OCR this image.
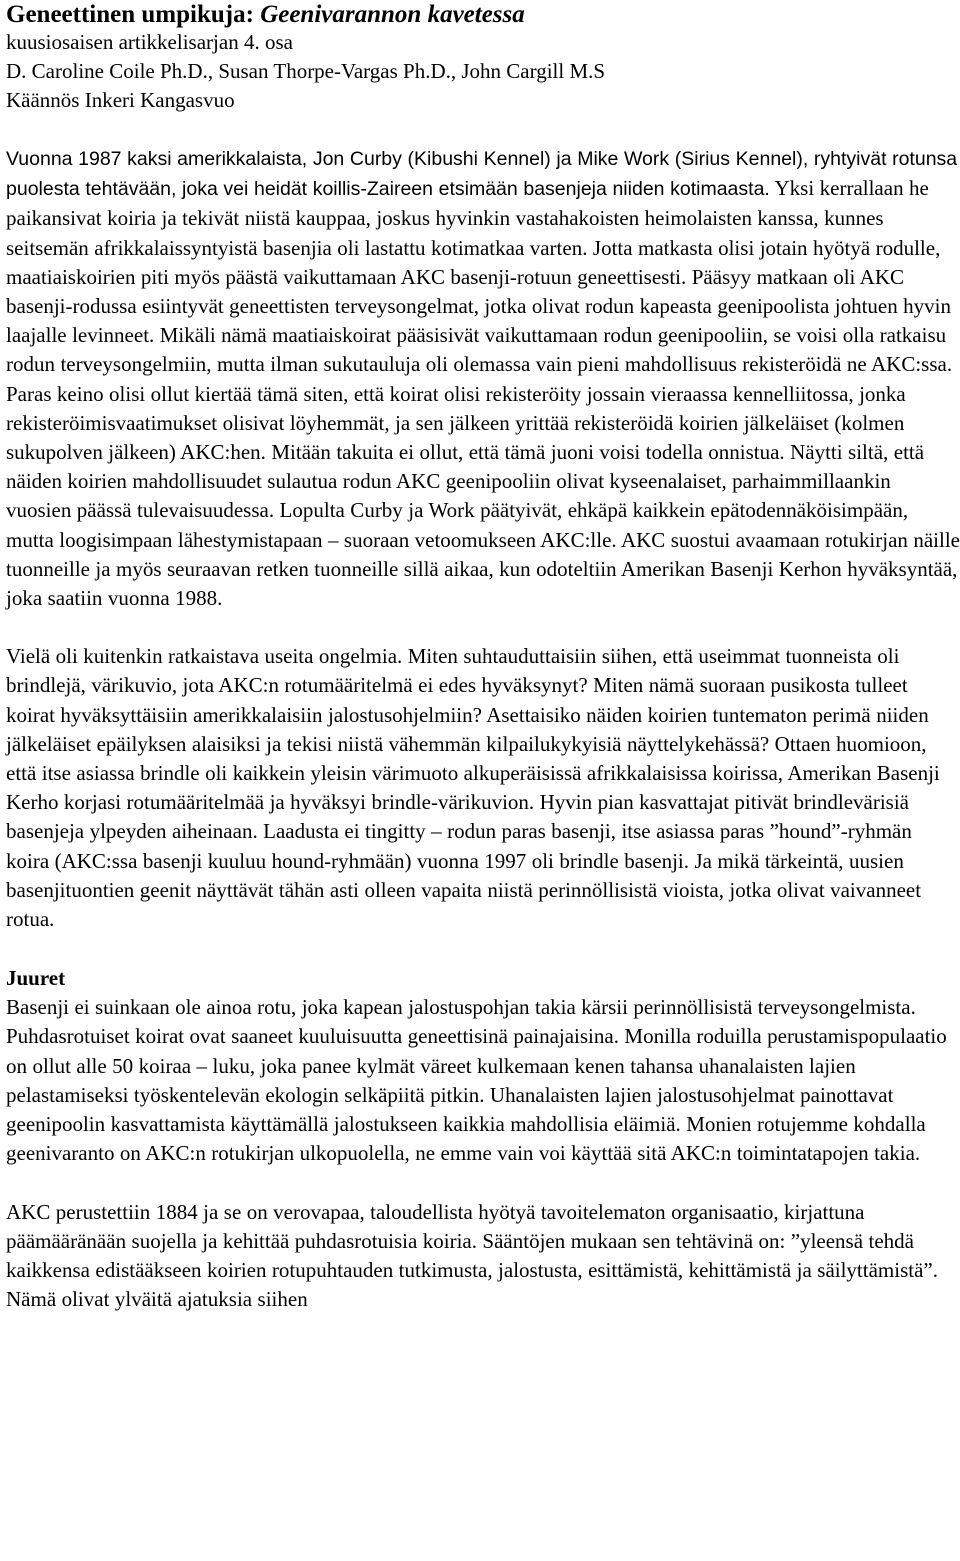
Geneettinen umpikuja: Geenivarannon kavetessa

kuusiosaisen artikkelisarjan 4. osa

D. Caroline Coile Ph.D., Susan Thorpe-Vargas Ph.D., John Cargill M.S

Käännös Inkeri Kangasvuo

Vuonna 1987 kaksi amerikkalaista, Jon Curby (Kibushi Kennel) ja Mike Work (Sirius Kennel), ryhtyivät rotunsa puolesta tehtävään, joka vei heidät koillis-Zaireen etsimään basenjeja niiden kotimaasta. Yksi kerrallaan he paikansivat koiria ja tekivät niistä kauppaa, joskus hyvinkin vastahakoisten heimolaisten kanssa, kunnes seitsemän afrikkalaissyntyistä basenjia oli lastattu kotimatkaa varten. Jotta matkasta olisi jotain hyötyä rodulle, maatiaiskoirien piti myös päästä vaikuttamaan AKC basenji-rotuun geneettisesti. Pääsyy matkaan oli AKC basenji-rodussa esiintyvät geneettisten terveysongelmat, jotka olivat rodun kapeasta geenipoolista johtuen hyvin laajalle levinneet. Mikäli nämä maatiaiskoirat pääsisivät vaikuttamaan rodun geenipooliin, se voisi olla ratkaisu rodun terveysongelmiin, mutta ilman sukutauluja oli olemassa vain pieni mahdollisuus rekisteröidä ne AKC:ssa. Paras keino olisi ollut kiertää tämä siten, että koirat olisi rekisteröity jossain vieraassa kennelliitossa, jonka rekisteröimisvaatimukset olisivat löyhemmät, ja sen jälkeen yrittää rekisteröidä koirien jälkeläiset (kolmen sukupolven jälkeen) AKC:hen. Mitään takuita ei ollut, että tämä juoni voisi todella onnistua. Näytti siltä, että näiden koirien mahdollisuudet sulautua rodun AKC geenipooliin olivat kyseenalaiset, parhaimmillaankin vuosien päässä tulevaisuudessa. Lopulta Curby ja Work päätyivät, ehkäpä kaikkein epätodennäköisimpään, mutta loogisimpaan lähestymistapaan – suoraan vetoomukseen AKC:lle. AKC suostui avaamaan rotukirjan näille tuonneille ja myös seuraavan retken tuonneille sillä aikaa, kun odoteltiin Amerikan Basenji Kerhon hyväksyntää, joka saatiin vuonna 1988.

Vielä oli kuitenkin ratkaistava useita ongelmia. Miten suhtauduttaisiin siihen, että useimmat tuonneista oli brindlejä, värikuvio, jota AKC:n rotumääritelmä ei edes hyväksynyt? Miten nämä suoraan pusikosta tulleet koirat hyväksyttäisiin amerikkalaisiin jalostusohjelmiin? Asettaisiko näiden koirien tuntematon perimä niiden jälkeläiset epäilyksen alaisiksi ja tekisi niistä vähemmän kilpailukykyisiä näyttelykehässä? Ottaen huomioon, että itse asiassa brindle oli kaikkein yleisin värimuoto alkuperäisissä afrikkalaisissa koirissa, Amerikan Basenji Kerho korjasi rotumääritelmää ja hyväksyi brindle-värikuvion. Hyvin pian kasvattajat pitivät brindlevärisiä basenjeja ylpeyden aiheinaan. Laadusta ei tingitty – rodun paras basenji, itse asiassa paras ”hound”-ryhmän koira (AKC:ssa basenji kuuluu hound-ryhmään) vuonna 1997 oli brindle basenji. Ja mikä tärkeintä, uusien basenjituontien geenit näyttävät tähän asti olleen vapaita niistä perinnöllisistä vioista, jotka olivat vaivanneet rotua.

Juuret

Basenji ei suinkaan ole ainoa rotu, joka kapean jalostuspohjan takia kärsii perinnöllisistä terveysongelmista. Puhdasrotuiset koirat ovat saaneet kuuluisuutta geneettisinä painajaisina. Monilla roduilla perustamispopulaatio on ollut alle 50 koiraa – luku, joka panee kylmät väreet kulkemaan kenen tahansa uhanalaisten lajien pelastamiseksi työskentelevän ekologin selkäpiitä pitkin. Uhanalaisten lajien jalostusohjelmat painottavat geenipoolin kasvattamista käyttämällä jalostukseen kaikkia mahdollisia eläimiä. Monien rotujemme kohdalla geenivaranto on AKC:n rotukirjan ulkopuolella, ne emme vain voi käyttää sitä AKC:n toimintatapojen takia.

AKC perustettiin 1884 ja se on verovapaa, taloudellista hyötyä tavoitelematon organisaatio, kirjattuna päämääränään suojella ja kehittää puhdasrotuisia koiria. Sääntöjen mukaan sen tehtävinä on: ”yleensä tehdä kaikkensa edistääkseen koirien rotupuhtauden tutkimusta, jalostusta, esittämistä, kehittämistä ja säilyttämistä”. Nämä olivat ylväitä ajatuksia siihen
